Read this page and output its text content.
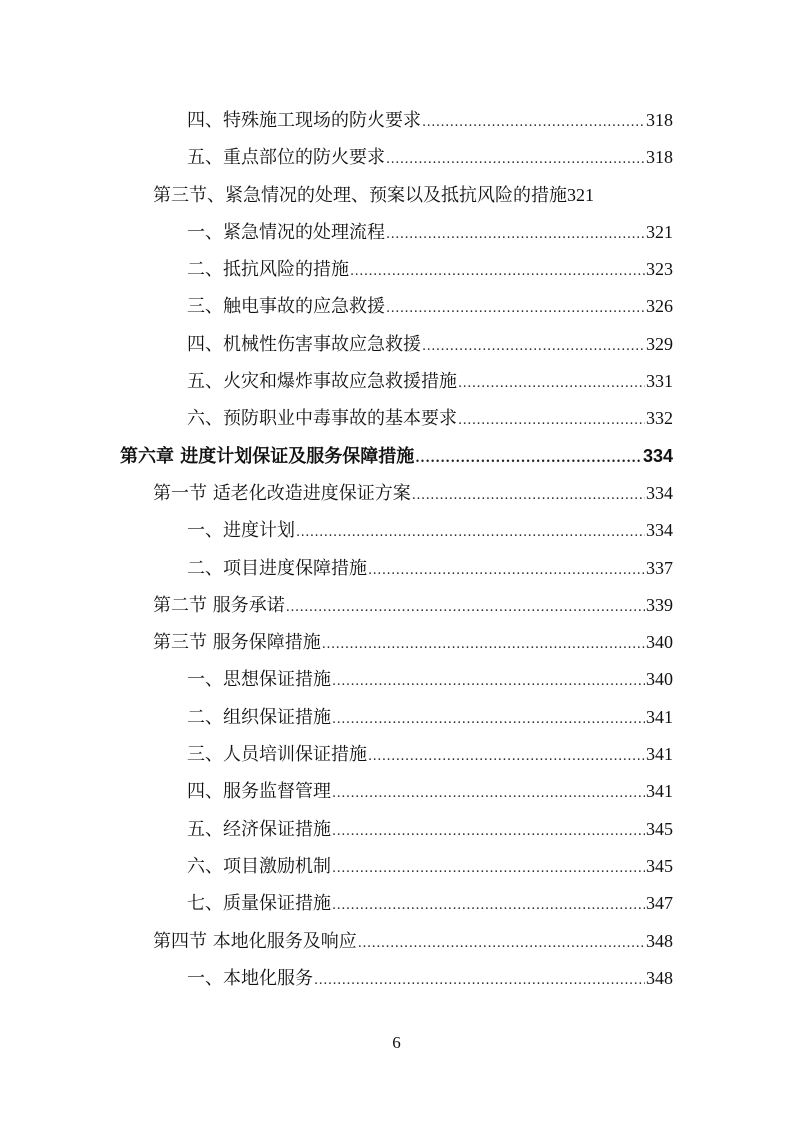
四、特殊施工现场的防火要求 .....	318
五、重点部位的防火要求 .....	318
第三节、紧急情况的处理、预案以及抵抗风险的措施 321
一、紧急情况的处理流程 .....	321
二、抵抗风险的措施 .....	323
三、触电事故的应急救援 .....	326
四、机械性伤害事故应急救援 .....	329
五、火灾和爆炸事故应急救援措施 .....	331
六、预防职业中毒事故的基本要求 .....	332
第六章 进度计划保证及服务保障措施 .....	334
第一节 适老化改造进度保证方案 .....	334
一、进度计划 .....	334
二、项目进度保障措施 .....	337
第二节 服务承诺 .....	339
第三节 服务保障措施 .....	340
一、思想保证措施 .....	340
二、组织保证措施 .....	341
三、人员培训保证措施 .....	341
四、服务监督管理 .....	341
五、经济保证措施 .....	345
六、项目激励机制 .....	345
七、质量保证措施 .....	347
第四节 本地化服务及响应 .....	348
一、本地化服务 .....	348
6
